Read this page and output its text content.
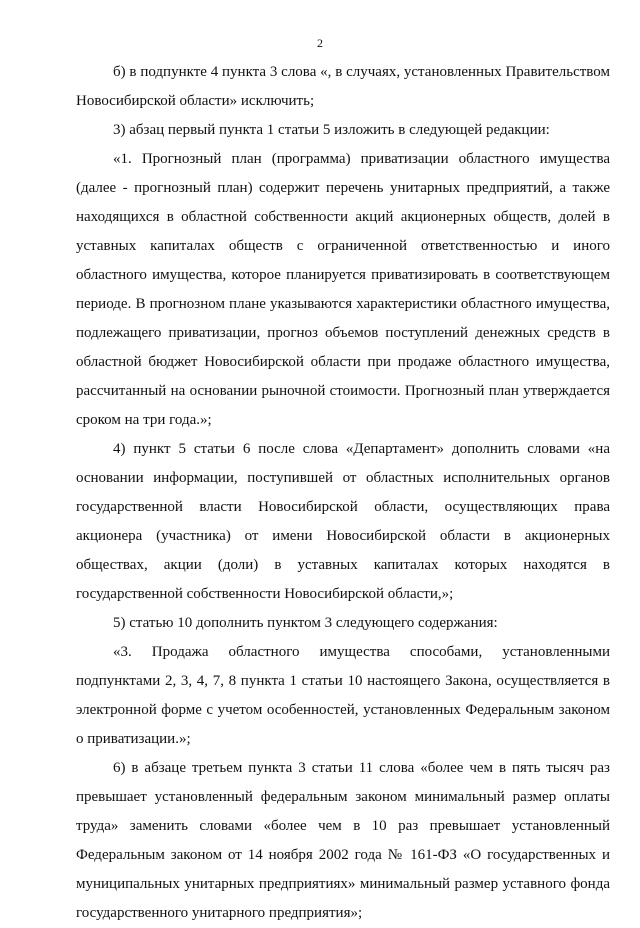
2

б) в подпункте 4 пункта 3 слова «, в случаях, установленных Правительством Новосибирской области» исключить;

3) абзац первый пункта 1 статьи 5 изложить в следующей редакции:

«1. Прогнозный план (программа) приватизации областного имущества (далее - прогнозный план) содержит перечень унитарных предприятий, а также находящихся в областной собственности акций акционерных обществ, долей в уставных капиталах обществ с ограниченной ответственностью и иного областного имущества, которое планируется приватизировать в соответствующем периоде. В прогнозном плане указываются характеристики областного имущества, подлежащего приватизации, прогноз объемов поступлений денежных средств в областной бюджет Новосибирской области при продаже областного имущества, рассчитанный на основании рыночной стоимости. Прогнозный план утверждается сроком на три года.»;

4) пункт 5 статьи 6 после слова «Департамент» дополнить словами «на основании информации, поступившей от областных исполнительных органов государственной власти Новосибирской области, осуществляющих права акционера (участника) от имени Новосибирской области в акционерных обществах, акции (доли) в уставных капиталах которых находятся в государственной собственности Новосибирской области,»;

5) статью 10 дополнить пунктом 3 следующего содержания:

«3. Продажа областного имущества способами, установленными подпунктами 2, 3, 4, 7, 8 пункта 1 статьи 10 настоящего Закона, осуществляется в электронной форме с учетом особенностей, установленных Федеральным законом о приватизации.»;

6) в абзаце третьем пункта 3 статьи 11 слова «более чем в пять тысяч раз превышает установленный федеральным законом минимальный размер оплаты труда» заменить словами «более чем в 10 раз превышает установленный Федеральным законом от 14 ноября 2002 года № 161-ФЗ «О государственных и муниципальных унитарных предприятиях» минимальный размер уставного фонда государственного унитарного предприятия»;
